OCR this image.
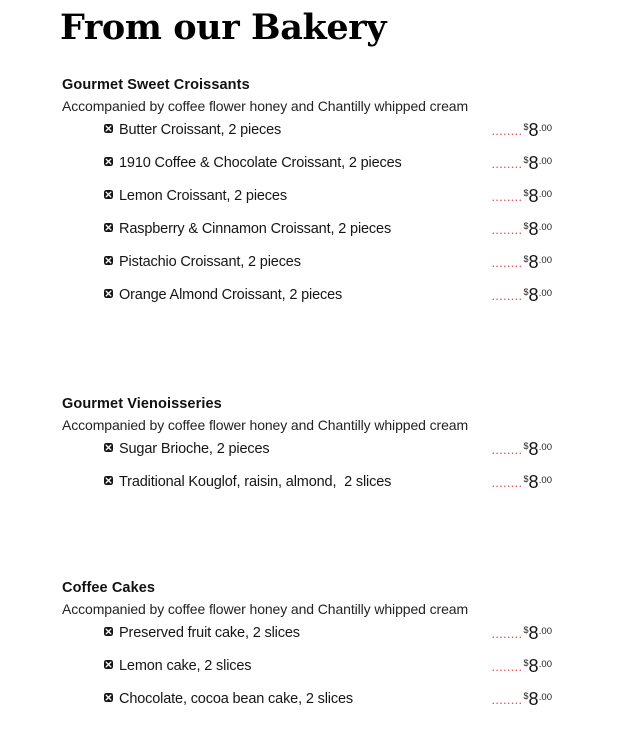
From our Bakery
Gourmet Sweet Croissants
Accompanied by coffee flower honey and Chantilly whipped cream
Butter Croissant, 2 pieces	........ $ 8 .00
1910 Coffee & Chocolate Croissant, 2 pieces	........ $ 8 .00
Lemon Croissant, 2 pieces	........ $ 8 .00
Raspberry & Cinnamon Croissant, 2 pieces	........ $ 8 .00
Pistachio Croissant, 2 pieces	........ $ 8 .00
Orange Almond Croissant, 2 pieces	........ $ 8 .00
Gourmet Vienoisseries
Accompanied by coffee flower honey and Chantilly whipped cream
Sugar Brioche, 2 pieces	........ $ 8 .00
Traditional Kouglof, raisin, almond,  2 slices	........ $ 8 .00
Coffee Cakes
Accompanied by coffee flower honey and Chantilly whipped cream
Preserved fruit cake, 2 slices	........ $ 8 .00
Lemon cake, 2 slices	........ $ 8 .00
Chocolate, cocoa bean cake, 2 slices	........ $ 8 .00
